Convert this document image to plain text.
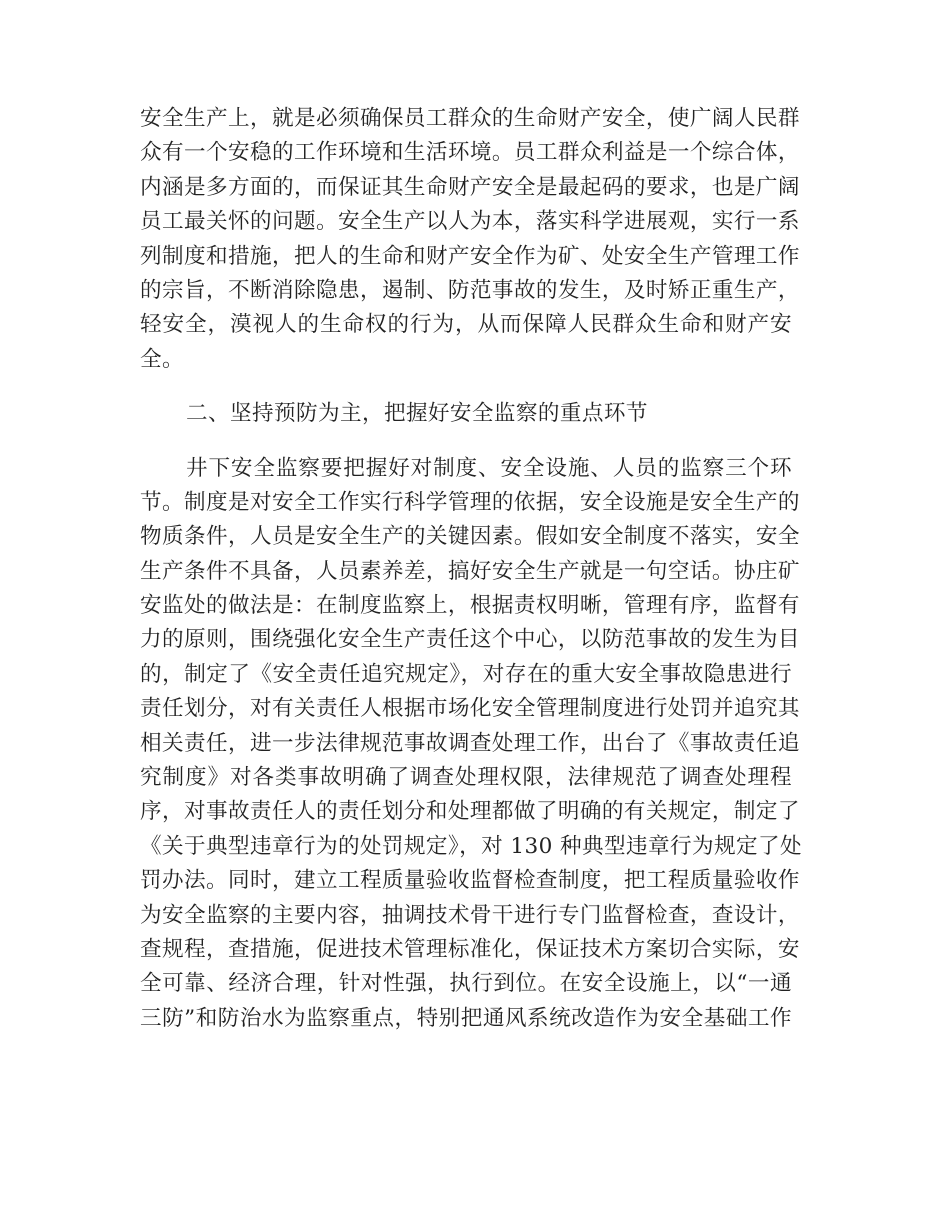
安全生产上，就是必须确保员工群众的生命财产安全，使广阔人民群
众有一个安稳的工作环境和生活环境。员工群众利益是一个综合体，
内涵是多方面的，而保证其生命财产安全是最起码的要求，也是广阔
员工最关怀的问题。安全生产以人为本，落实科学进展观，实行一系
列制度和措施，把人的生命和财产安全作为矿、处安全生产管理工作
的宗旨，不断消除隐患，遏制、防范事故的发生，及时矫正重生产，
轻安全，漠视人的生命权的行为，从而保障人民群众生命和财产安
全。
二、坚持预防为主，把握好安全监察的重点环节
井下安全监察要把握好对制度、安全设施、人员的监察三个环
节。制度是对安全工作实行科学管理的依据，安全设施是安全生产的
物质条件，人员是安全生产的关键因素。假如安全制度不落实，安全
生产条件不具备，人员素养差，搞好安全生产就是一句空话。协庄矿
安监处的做法是：在制度监察上，根据责权明晰，管理有序，监督有
力的原则，围绕强化安全生产责任这个中心，以防范事故的发生为目
的，制定了《安全责任追究规定》，对存在的重大安全事故隐患进行
责任划分，对有关责任人根据市场化安全管理制度进行处罚并追究其
相关责任，进一步法律规范事故调查处理工作，出台了《事故责任追
究制度》对各类事故明确了调查处理权限，法律规范了调查处理程
序，对事故责任人的责任划分和处理都做了明确的有关规定，制定了
《关于典型违章行为的处罚规定》，对 130 种典型违章行为规定了处
罚办法。同时，建立工程质量验收监督检查制度，把工程质量验收作
为安全监察的主要内容，抽调技术骨干进行专门监督检查，查设计，
查规程，查措施，促进技术管理标准化，保证技术方案切合实际，安
全可靠、经济合理，针对性强，执行到位。在安全设施上，以“一通
三防”和防治水为监察重点，特别把通风系统改造作为安全基础工作
